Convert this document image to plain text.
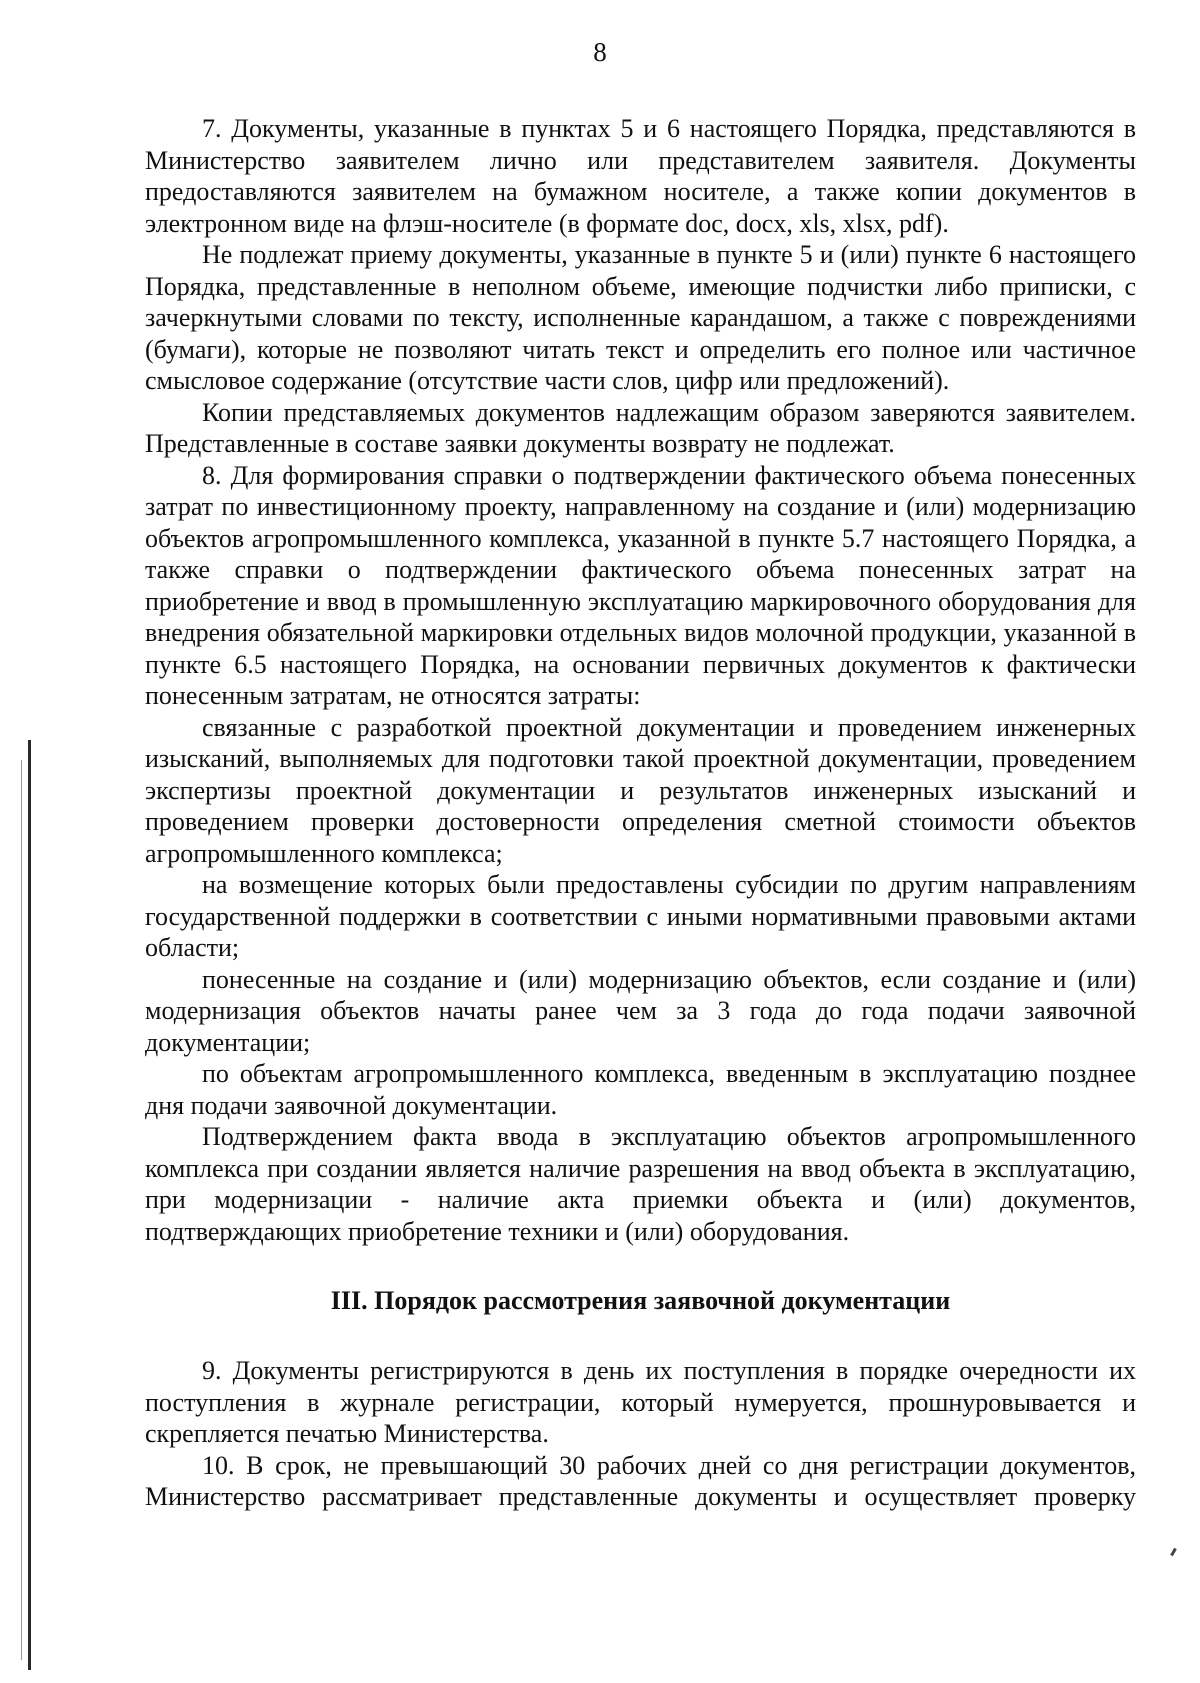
8

7. Документы, указанные в пунктах 5 и 6 настоящего Порядка, представляются в Министерство заявителем лично или представителем заявителя. Документы предоставляются заявителем на бумажном носителе, а также копии документов в электронном виде на флэш-носителе (в формате doc, docx, xls, xlsx, pdf).

Не подлежат приему документы, указанные в пункте 5 и (или) пункте 6 настоящего Порядка, представленные в неполном объеме, имеющие подчистки либо приписки, с зачеркнутыми словами по тексту, исполненные карандашом, а также с повреждениями (бумаги), которые не позволяют читать текст и определить его полное или частичное смысловое содержание (отсутствие части слов, цифр или предложений).

Копии представляемых документов надлежащим образом заверяются заявителем. Представленные в составе заявки документы возврату не подлежат.

8. Для формирования справки о подтверждении фактического объема понесенных затрат по инвестиционному проекту, направленному на создание и (или) модернизацию объектов агропромышленного комплекса, указанной в пункте 5.7 настоящего Порядка, а также справки о подтверждении фактического объема понесенных затрат на приобретение и ввод в промышленную эксплуатацию маркировочного оборудования для внедрения обязательной маркировки отдельных видов молочной продукции, указанной в пункте 6.5 настоящего Порядка, на основании первичных документов к фактически понесенным затратам, не относятся затраты:

связанные с разработкой проектной документации и проведением инженерных изысканий, выполняемых для подготовки такой проектной документации, проведением экспертизы проектной документации и результатов инженерных изысканий и проведением проверки достоверности определения сметной стоимости объектов агропромышленного комплекса;

на возмещение которых были предоставлены субсидии по другим направлениям государственной поддержки в соответствии с иными нормативными правовыми актами области;

понесенные на создание и (или) модернизацию объектов, если создание и (или) модернизация объектов начаты ранее чем за 3 года до года подачи заявочной документации;

по объектам агропромышленного комплекса, введенным в эксплуатацию позднее дня подачи заявочной документации.

Подтверждением факта ввода в эксплуатацию объектов агропромышленного комплекса при создании является наличие разрешения на ввод объекта в эксплуатацию, при модернизации - наличие акта приемки объекта и (или) документов, подтверждающих приобретение техники и (или) оборудования.

III. Порядок рассмотрения заявочной документации

9. Документы регистрируются в день их поступления в порядке очередности их поступления в журнале регистрации, который нумеруется, прошнуровывается и скрепляется печатью Министерства.

10. В срок, не превышающий 30 рабочих дней со дня регистрации документов, Министерство рассматривает представленные документы и осуществляет проверку
